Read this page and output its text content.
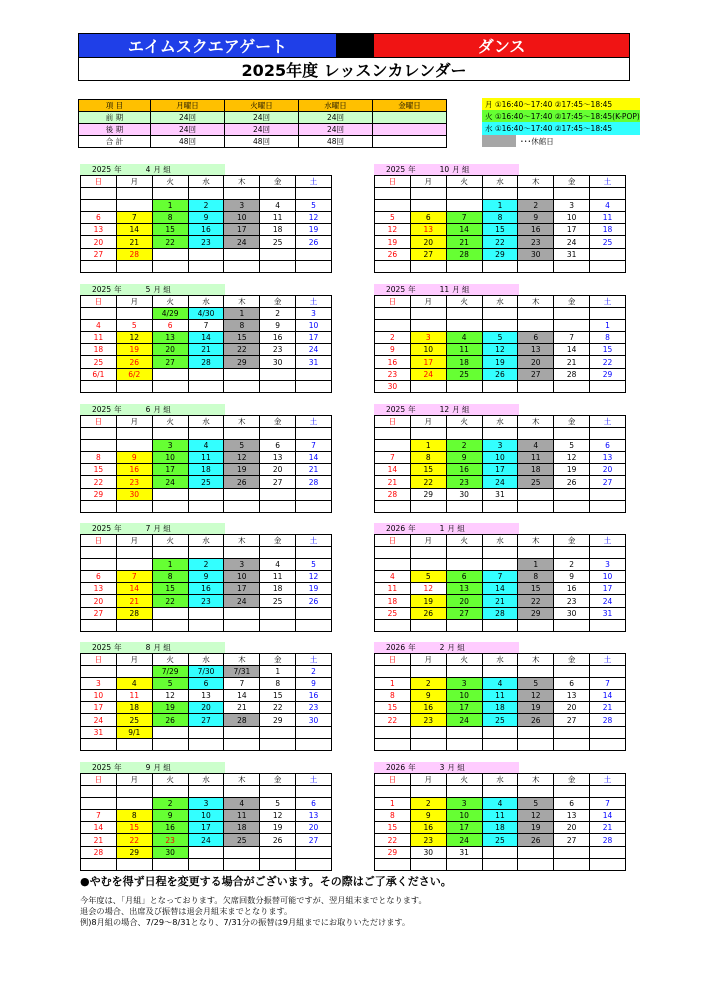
エイムスクエアゲート	ダンス
2025年度 レッスンカレンダー
項 目	月曜日	火曜日	水曜日	金曜日
前 期	24回	24回	24回	
後 期	24回	24回	24回	
合 計	48回	48回	48回	
月 ①16:40～17:40 ②17:45～18:45
火 ①16:40～17:40 ②17:45～18:45(K-POP)
水 ①16:40～17:40 ②17:45～18:45
･･･休館日
2025 年	4 月 組
日	月	火	水	木	金	土

		1	2	3	4	5
6	7	8	9	10	11	12
13	14	15	16	17	18	19
20	21	22	23	24	25	26
27	28					

2025 年	10 月 組
日	月	火	水	木	金	土

			1	2	3	4
5	6	7	8	9	10	11
12	13	14	15	16	17	18
19	20	21	22	23	24	25
26	27	28	29	30	31	

2025 年	5 月 組
日	月	火	水	木	金	土
		4/29	4/30	1	2	3
4	5	6	7	8	9	10
11	12	13	14	15	16	17
18	19	20	21	22	23	24
25	26	27	28	29	30	31
6/1	6/2					

2025 年	11 月 組
日	月	火	水	木	金	土

						1
2	3	4	5	6	7	8
9	10	11	12	13	14	15
16	17	18	19	20	21	22
23	24	25	26	27	28	29
30						
2025 年	6 月 組
日	月	火	水	木	金	土

		3	4	5	6	7
8	9	10	11	12	13	14
15	16	17	18	19	20	21
22	23	24	25	26	27	28
29	30					

2025 年	12 月 組
日	月	火	水	木	金	土

	1	2	3	4	5	6
7	8	9	10	11	12	13
14	15	16	17	18	19	20
21	22	23	24	25	26	27
28	29	30	31			

2025 年	7 月 組
日	月	火	水	木	金	土

		1	2	3	4	5
6	7	8	9	10	11	12
13	14	15	16	17	18	19
20	21	22	23	24	25	26
27	28					

2026 年	1 月 組
日	月	火	水	木	金	土

				1	2	3
4	5	6	7	8	9	10
11	12	13	14	15	16	17
18	19	20	21	22	23	24
25	26	27	28	29	30	31

2025 年	8 月 組
日	月	火	水	木	金	土
		7/29	7/30	7/31	1	2
3	4	5	6	7	8	9
10	11	12	13	14	15	16
17	18	19	20	21	22	23
24	25	26	27	28	29	30
31	9/1					

2026 年	2 月 組
日	月	火	水	木	金	土

1	2	3	4	5	6	7
8	9	10	11	12	13	14
15	16	17	18	19	20	21
22	23	24	25	26	27	28

2025 年	9 月 組
日	月	火	水	木	金	土

		2	3	4	5	6
7	8	9	10	11	12	13
14	15	16	17	18	19	20
21	22	23	24	25	26	27
28	29	30				

2026 年	3 月 組
日	月	火	水	木	金	土

1	2	3	4	5	6	7
8	9	10	11	12	13	14
15	16	17	18	19	20	21
22	23	24	25	26	27	28
29	30	31				

●やむを得ず日程を変更する場合がございます。その際はご了承ください。
今年度は、「月組」となっております。欠席回数分振替可能ですが、翌月組末までとなります。
退会の場合、出席及び振替は退会月組末までとなります。
例)8月組の場合、7/29～8/31となり、7/31分の振替は9月組までにお取りいただけます。
